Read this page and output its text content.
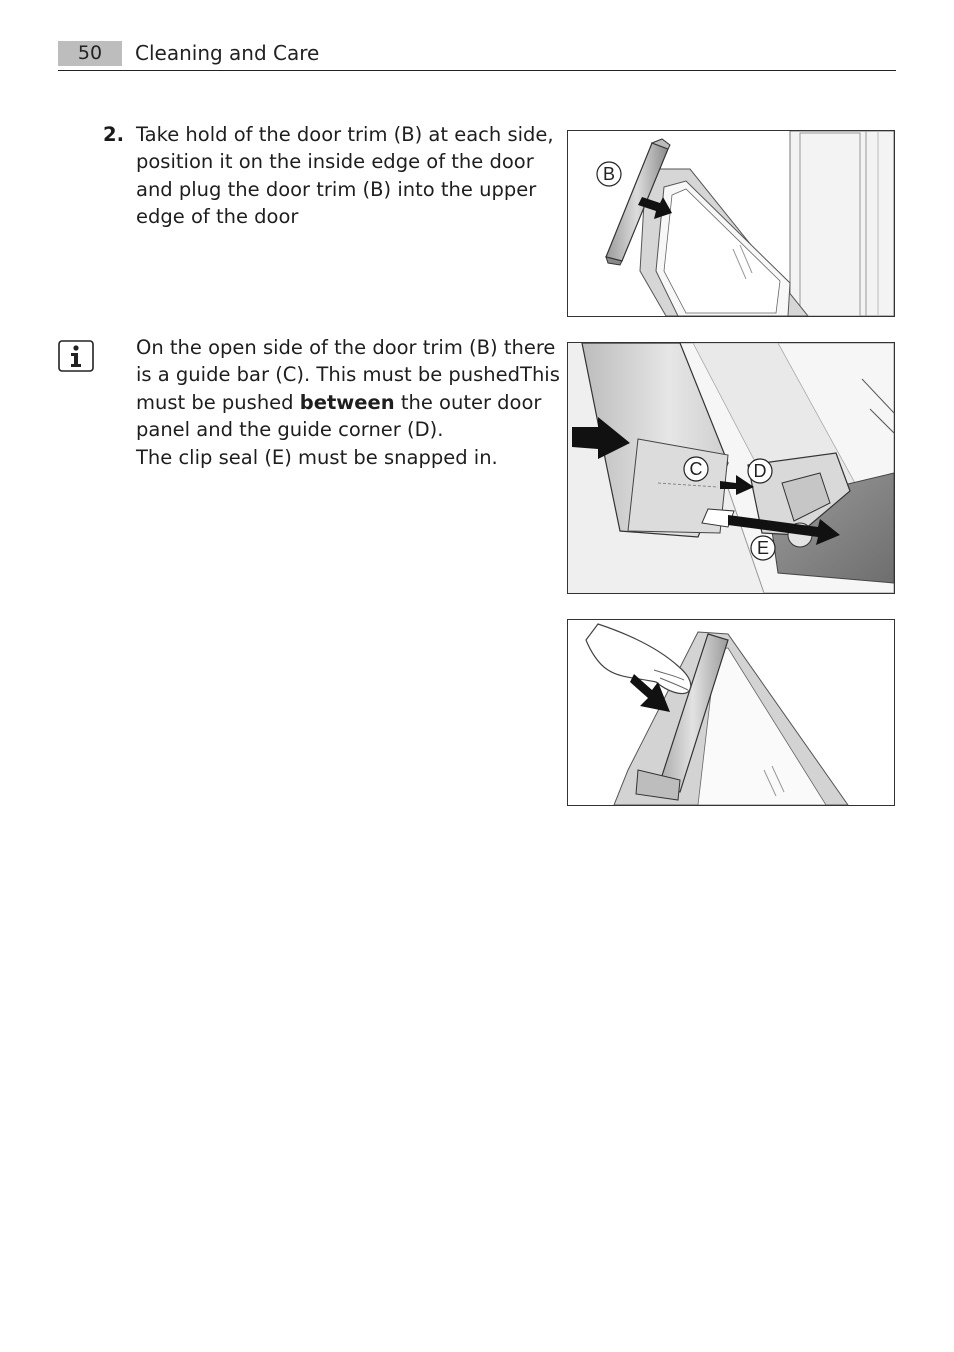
50	Cleaning and Care
2. Take hold of the door trim (B) at each side, position it on the inside edge of the door and plug the door trim (B) into the upper edge of the door
On the open side of the door trim (B) there
is a guide bar (C). This must be pushedThis
must be pushed between the outer door
panel and the guide corner (D).
The clip seal (E) must be snapped in.
B
C	D
E
